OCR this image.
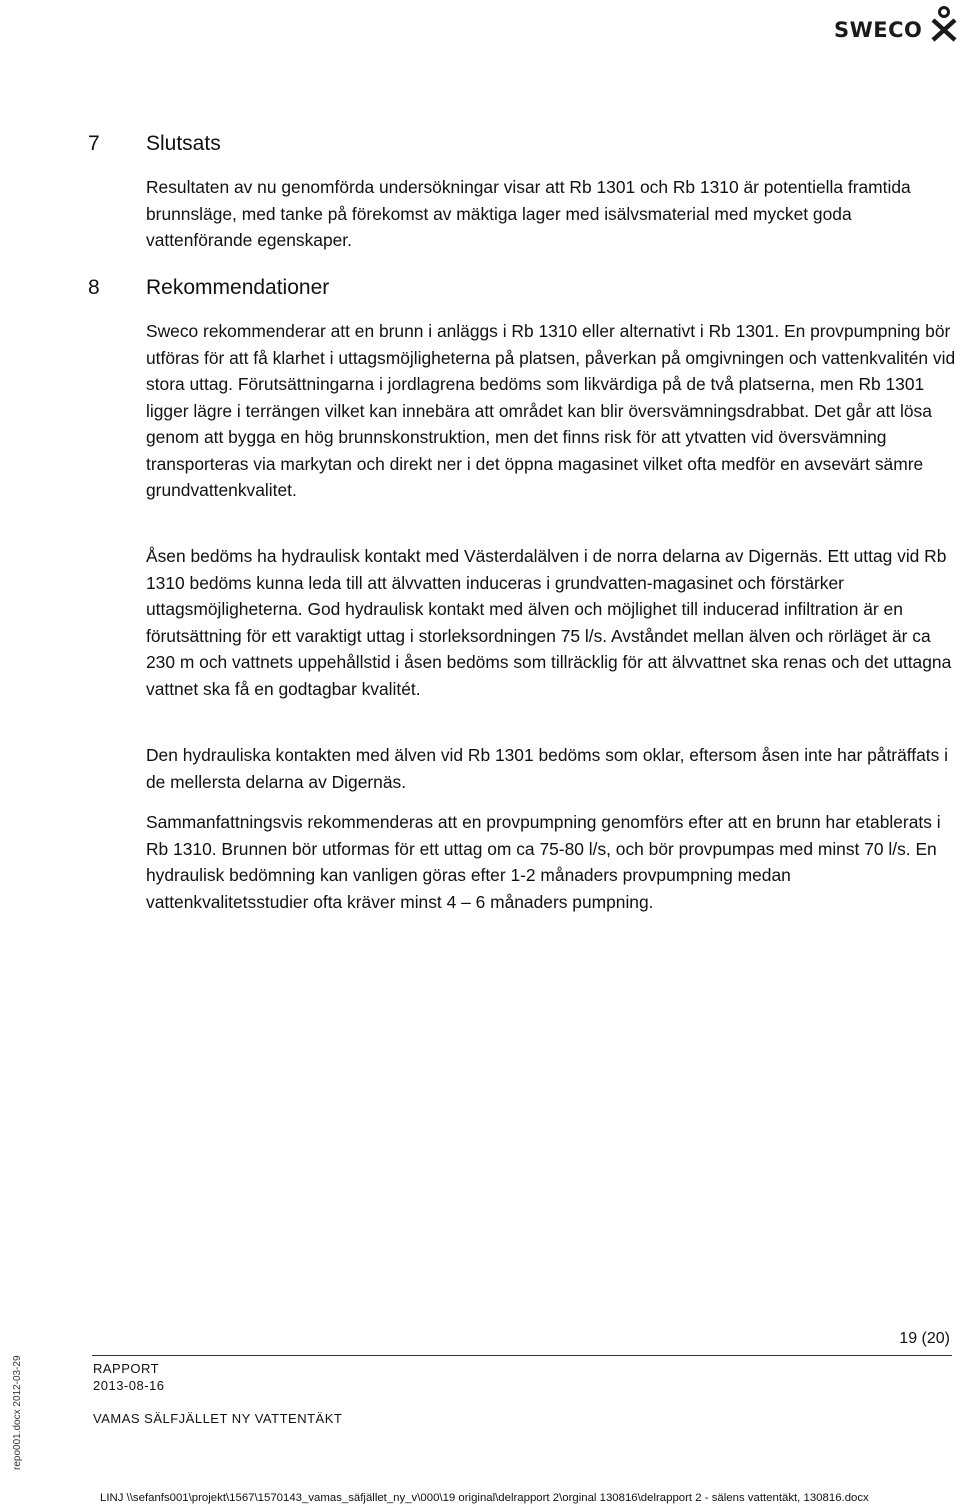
SWECO
7 Slutsats

Resultaten av nu genomförda undersökningar visar att Rb 1301 och Rb 1310 är potentiella framtida brunnsläge, med tanke på förekomst av mäktiga lager med isälvsmaterial med mycket goda vattenförande egenskaper.

8 Rekommendationer

Sweco rekommenderar att en brunn i anläggs i Rb 1310 eller alternativt i Rb 1301. En provpumpning bör utföras för att få klarhet i uttagsmöjligheterna på platsen, påverkan på omgivningen och vattenkvalitén vid stora uttag. Förutsättningarna i jordlagrena bedöms som likvärdiga på de två platserna, men Rb 1301 ligger lägre i terrängen vilket kan innebära att området kan blir översvämningsdrabbat. Det går att lösa genom att bygga en hög brunnskonstruktion, men det finns risk för att ytvatten vid översvämning transporteras via markytan och direkt ner i det öppna magasinet vilket ofta medför en avsevärt sämre grundvattenkvalitet.

Åsen bedöms ha hydraulisk kontakt med Västerdalälven i de norra delarna av Digernäs. Ett uttag vid Rb 1310 bedöms kunna leda till att älvvatten induceras i grundvatten-magasinet och förstärker uttagsmöjligheterna. God hydraulisk kontakt med älven och möjlighet till inducerad infiltration är en förutsättning för ett varaktigt uttag i storleksordningen 75 l/s. Avståndet mellan älven och rörläget är ca 230 m och vattnets uppehållstid i åsen bedöms som tillräcklig för att älvvattnet ska renas och det uttagna vattnet ska få en godtagbar kvalitét.

Den hydrauliska kontakten med älven vid Rb 1301 bedöms som oklar, eftersom åsen inte har påträffats i de mellersta delarna av Digernäs.

Sammanfattningsvis rekommenderas att en provpumpning genomförs efter att en brunn har etablerats i Rb 1310. Brunnen bör utformas för ett uttag om ca 75-80 l/s, och bör provpumpas med minst 70 l/s. En hydraulisk bedömning kan vanligen göras efter 1-2 månaders provpumpning medan vattenkvalitetsstudier ofta kräver minst 4 – 6 månaders pumpning.

19 (20)
RAPPORT
2013-08-16
VAMAS SÄLFJÄLLET NY VATTENTÄKT
repo001.docx 2012-03-29
LINJ \\sefanfs001\projekt\1567\1570143_vamas_säfjället_ny_v\000\19 original\delrapport 2\orginal 130816\delrapport 2 - sälens vattentäkt, 130816.docx
